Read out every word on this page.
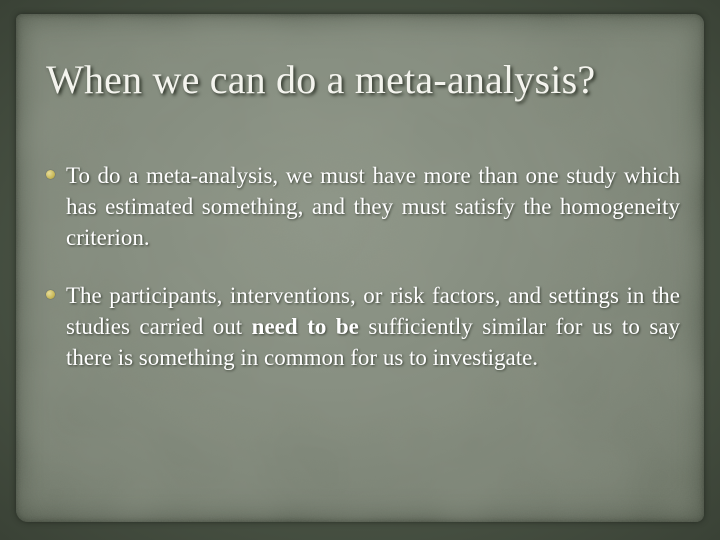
When we can do a meta-analysis?
To do a meta-analysis, we must have more than one study which has estimated something, and they must satisfy the homogeneity criterion.
The participants, interventions, or risk factors, and settings in the studies carried out need to be sufficiently similar for us to say there is something in common for us to investigate.
